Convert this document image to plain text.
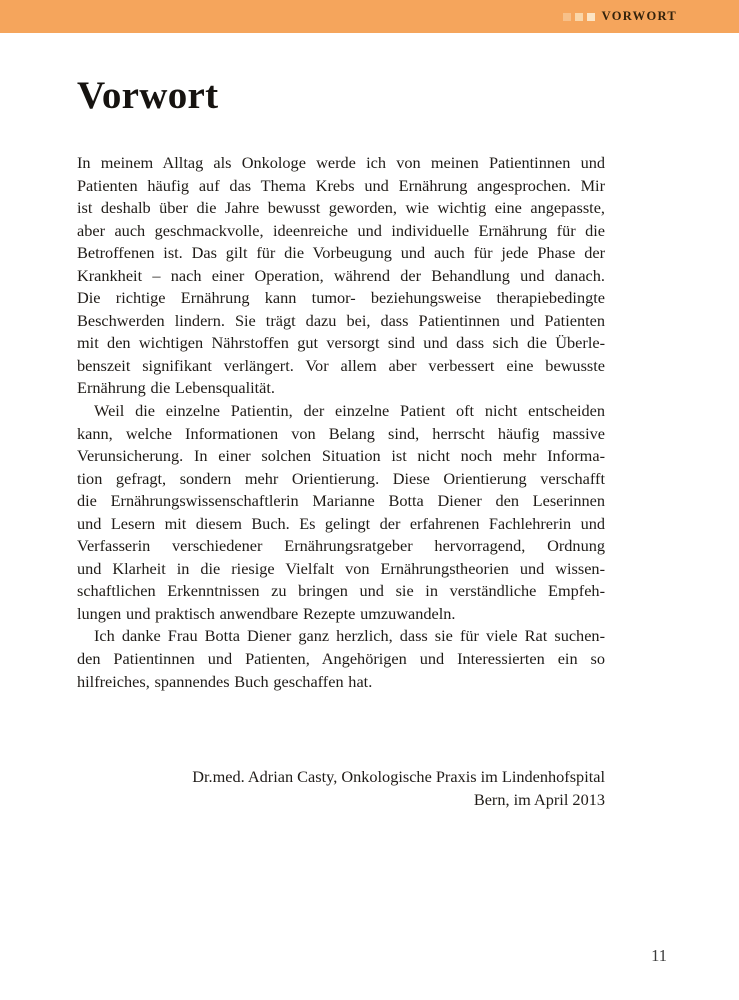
VORWORT
Vorwort
In meinem Alltag als Onkologe werde ich von meinen Patientinnen und
Patienten häufig auf das Thema Krebs und Ernährung angesprochen. Mir
ist deshalb über die Jahre bewusst geworden, wie wichtig eine angepasste,
aber auch geschmackvolle, ideenreiche und individuelle Ernährung für die
Betroffenen ist. Das gilt für die Vorbeugung und auch für jede Phase der
Krankheit – nach einer Operation, während der Behandlung und danach.
Die richtige Ernährung kann tumor- beziehungsweise therapiebedingte
Beschwerden lindern. Sie trägt dazu bei, dass Patientinnen und Patienten
mit den wichtigen Nährstoffen gut versorgt sind und dass sich die Überle-
benszeit signifikant verlängert. Vor allem aber verbessert eine bewusste
Ernährung die Lebensqualität.
Weil die einzelne Patientin, der einzelne Patient oft nicht entscheiden
kann, welche Informationen von Belang sind, herrscht häufig massive
Verunsicherung. In einer solchen Situation ist nicht noch mehr Informa-
tion gefragt, sondern mehr Orientierung. Diese Orientierung verschafft
die Ernährungswissenschaftlerin Marianne Botta Diener den Leserinnen
und Lesern mit diesem Buch. Es gelingt der erfahrenen Fachlehrerin und
Verfasserin verschiedener Ernährungsratgeber hervorragend, Ordnung
und Klarheit in die riesige Vielfalt von Ernährungstheorien und wissen-
schaftlichen Erkenntnissen zu bringen und sie in verständliche Empfeh-
lungen und praktisch anwendbare Rezepte umzuwandeln.
Ich danke Frau Botta Diener ganz herzlich, dass sie für viele Rat suchen-
den Patientinnen und Patienten, Angehörigen und Interessierten ein so
hilfreiches, spannendes Buch geschaffen hat.
Dr.med. Adrian Casty, Onkologische Praxis im Lindenhofspital
Bern, im April 2013
11
